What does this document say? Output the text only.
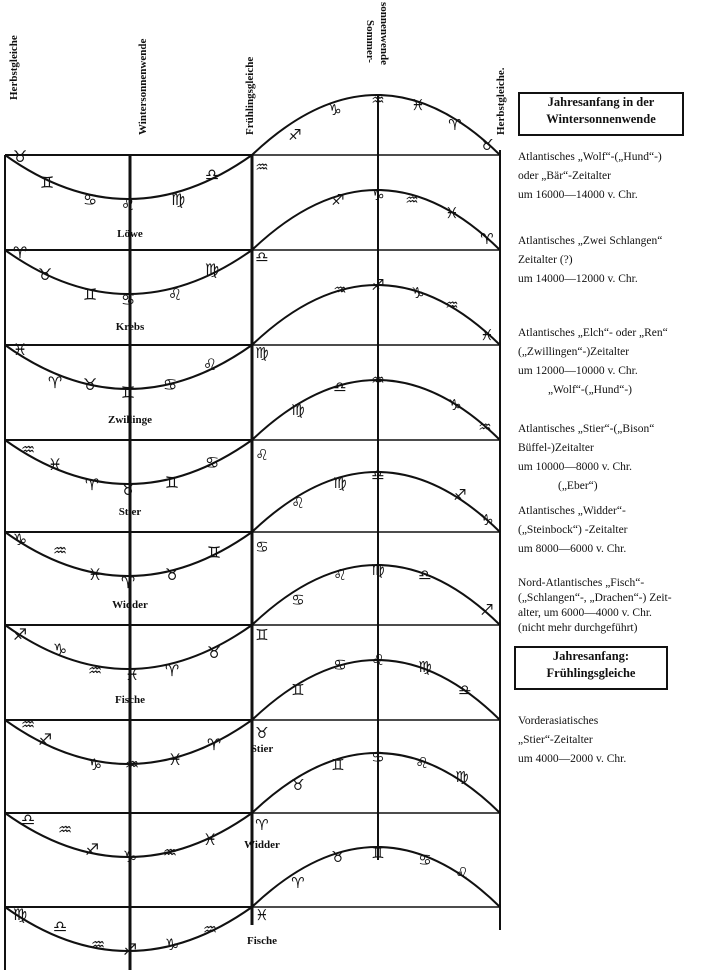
Löwe
Krebs
Zwillinge
Stier
Widder
Fische
Stier
Widder
Fische
♉
♊
♋ ♌ ♍
♎
♈
♉
♊ ♋ ♌
♍
♓
♈ ♉ ♊ ♋
♌
♒
♓
♈ ♉ ♊
♋
♑
♒
♓ ♈ ♉
♊
♐
♑
♒ ♓ ♈
♉
♒
♐
♑ ♒ ♓
♈
♎
♒
♐ ♑ ♒
♓
♍
♎
♒ ♐ ♑
♒
♐
♑
♒ ♓
♈
♉
♒
♐ ♑ ♒
♓
♈
♎
♒ ♐ ♑
♒
♓
♍
♍
♎ ♒
♑
♒
♌
♌
♍ ♎
♐
♑
♋
♋
♌ ♍ ♎
♐
♊
♊
♋ ♌ ♍
♎
♉
♉
♊ ♋ ♌
♍
♈
♈
♉ ♊ ♋
♌
♓
Herbstgleiche	Wintersonnenwende	Frühlingsgleiche
Sommer- sonnenwende
Herbstgleiche.	Jahresanfang in der
Wintersonnenwende
Jahresanfang:
Frühlingsgleiche
Atlantisches „Wolf“-(„Hund“-)
oder „Bär“-Zeitalter
um 16000—14000 v. Chr.
Atlantisches „Zwei Schlangen“
Zeitalter (?)
um 14000—12000 v. Chr.
Atlantisches „Elch“- oder „Ren“
(„Zwillingen“-)Zeitalter
um 12000—10000 v. Chr.
„Wolf“-(„Hund“-)
Atlantisches „Stier“-(„Bison“
Büffel-)Zeitalter
um 10000—8000 v. Chr.
(„Eber“)
Atlantisches „Widder“-
(„Steinbock“) -Zeitalter
um 8000—6000 v. Chr.
Nord-Atlantisches „Fisch“-
(„Schlangen“-, „Drachen“-) Zeit-
alter, um 6000—4000 v. Chr.
(nicht mehr durchgeführt)
Vorderasiatisches
„Stier“-Zeitalter
um 4000—2000 v. Chr.
